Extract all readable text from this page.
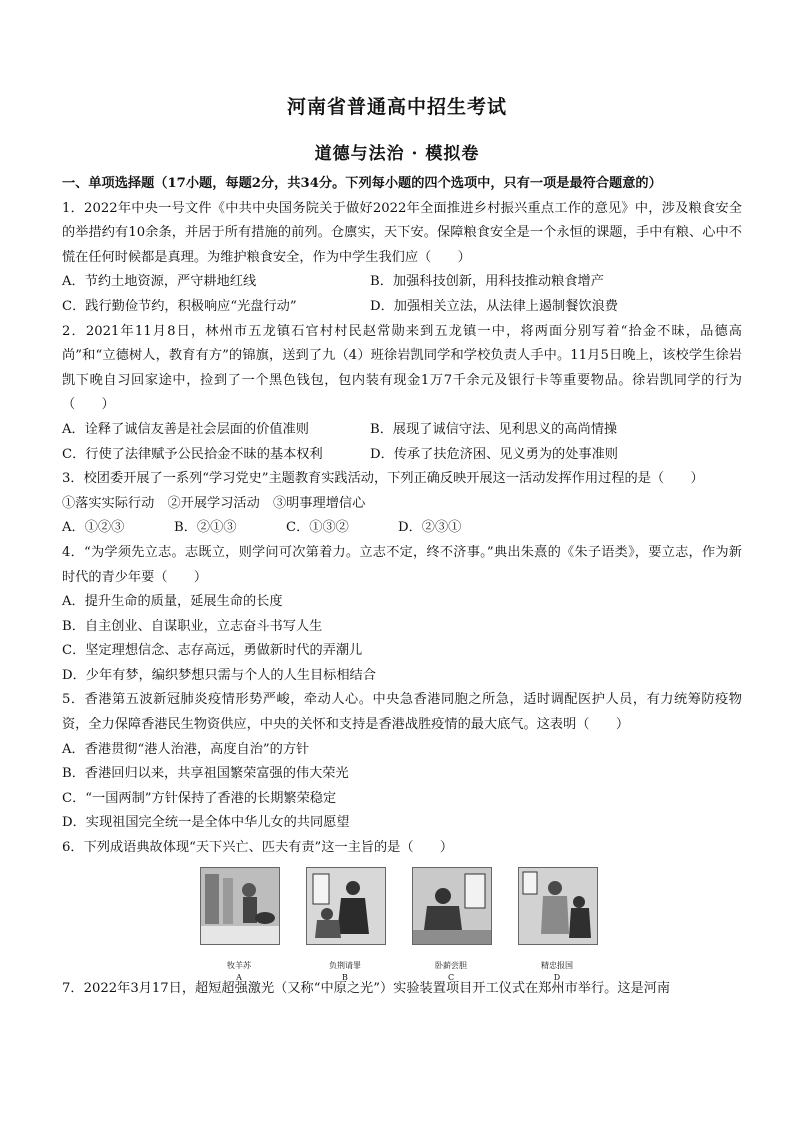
河南省普通高中招生考试
道德与法治 · 模拟卷

一、单项选择题（17小题，每题2分，共34分。下列每小题的四个选项中，只有一项是最符合题意的）

1．2022年中央一号文件《中共中央国务院关于做好2022年全面推进乡村振兴重点工作的意见》中，涉及粮食安全的举措约有10余条，并居于所有措施的前列。仓廪实，天下安。保障粮食安全是一个永恒的课题，手中有粮、心中不慌在任何时候都是真理。为维护粮食安全，作为中学生我们应（　　）

A．节约土地资源，严守耕地红线	B．加强科技创新，用科技推动粮食增产
C．践行勤俭节约，积极响应“光盘行动”	D．加强相关立法，从法律上遏制餐饮浪费

2．2021年11月8日，林州市五龙镇石官村村民赵常勋来到五龙镇一中，将两面分别写着“拾金不昧，品德高尚”和“立德树人，教育有方”的锦旗，送到了九（4）班徐岩凯同学和学校负责人手中。11月5日晚上，该校学生徐岩凯下晚自习回家途中，捡到了一个黑色钱包，包内装有现金1万7千余元及银行卡等重要物品。徐岩凯同学的行为（　　）

A．诠释了诚信友善是社会层面的价值准则	B．展现了诚信守法、见利思义的高尚情操
C．行使了法律赋予公民拾金不昧的基本权利	D．传承了扶危济困、见义勇为的处事准则

3．校团委开展了一系列“学习党史”主题教育实践活动，下列正确反映开展这一活动发挥作用过程的是（　　）

①落实实际行动　②开展学习活动　③明事理增信心

A．①②③	B．②①③	C．①③②	D．②③①

4．“为学须先立志。志既立，则学问可次第着力。立志不定，终不济事。”典出朱熹的《朱子语类》，要立志，作为新时代的青少年要（　　）

A．提升生命的质量，延展生命的长度

B．自主创业、自谋职业，立志奋斗书写人生

C．坚定理想信念、志存高远，勇做新时代的弄潮儿

D．少年有梦，编织梦想只需与个人的人生目标相结合

5．香港第五波新冠肺炎疫情形势严峻，牵动人心。中央急香港同胞之所急，适时调配医护人员，有力统筹防疫物资，全力保障香港民生物资供应，中央的关怀和支持是香港战胜疫情的最大底气。这表明（　　）

A．香港贯彻“港人治港，高度自治”的方针

B．香港回归以来，共享祖国繁荣富强的伟大荣光

C．“一国两制”方针保持了香港的长期繁荣稳定

D．实现祖国完全统一是全体中华儿女的共同愿望

6．下列成语典故体现“天下兴亡、匹夫有责”这一主旨的是（　　）

牧羊苏
A
负荆请罪
B
卧薪尝胆
C
精忠报国
D

7．2022年3月17日，超短超强激光（又称“中原之光”）实验装置项目开工仪式在郑州市举行。这是河南
